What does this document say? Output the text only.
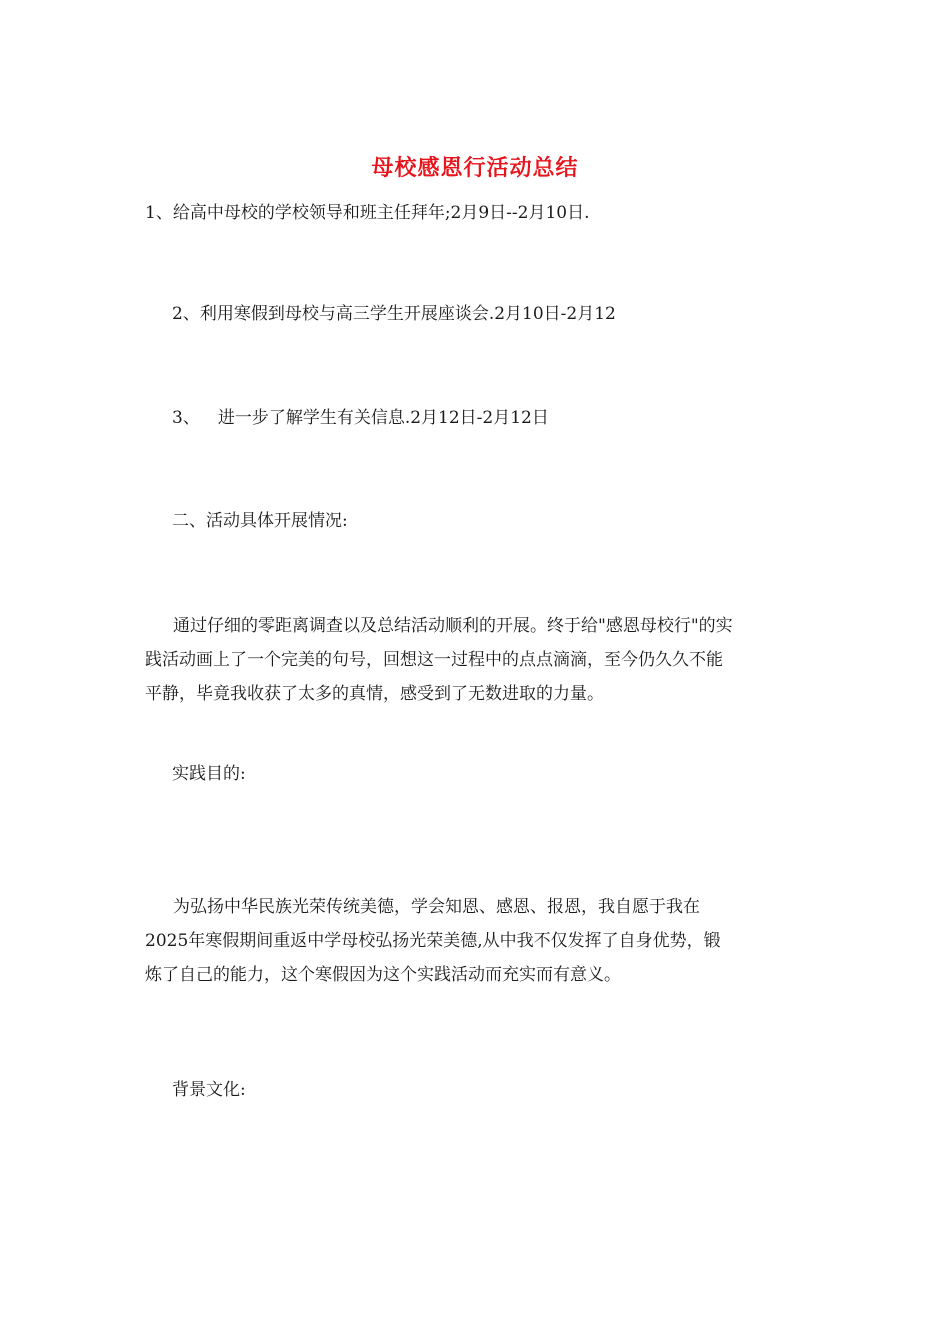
母校感恩行活动总结
1、给高中母校的学校领导和班主任拜年;2月9日--2月10日.
2、利用寒假到母校与高三学生开展座谈会.2月10日-2月12
3、 进一步了解学生有关信息.2月12日-2月12日
二、活动具体开展情况:
通过仔细的零距离调查以及总结活动顺利的开展。终于给"感恩母校行"的实
践活动画上了一个完美的句号，回想这一过程中的点点滴滴，至今仍久久不能
平静，毕竟我收获了太多的真情，感受到了无数进取的力量。
实践目的:
为弘扬中华民族光荣传统美德，学会知恩、感恩、报恩，我自愿于我在
2025年寒假期间重返中学母校弘扬光荣美德,从中我不仅发挥了自身优势，锻
炼了自己的能力，这个寒假因为这个实践活动而充实而有意义。
背景文化:
